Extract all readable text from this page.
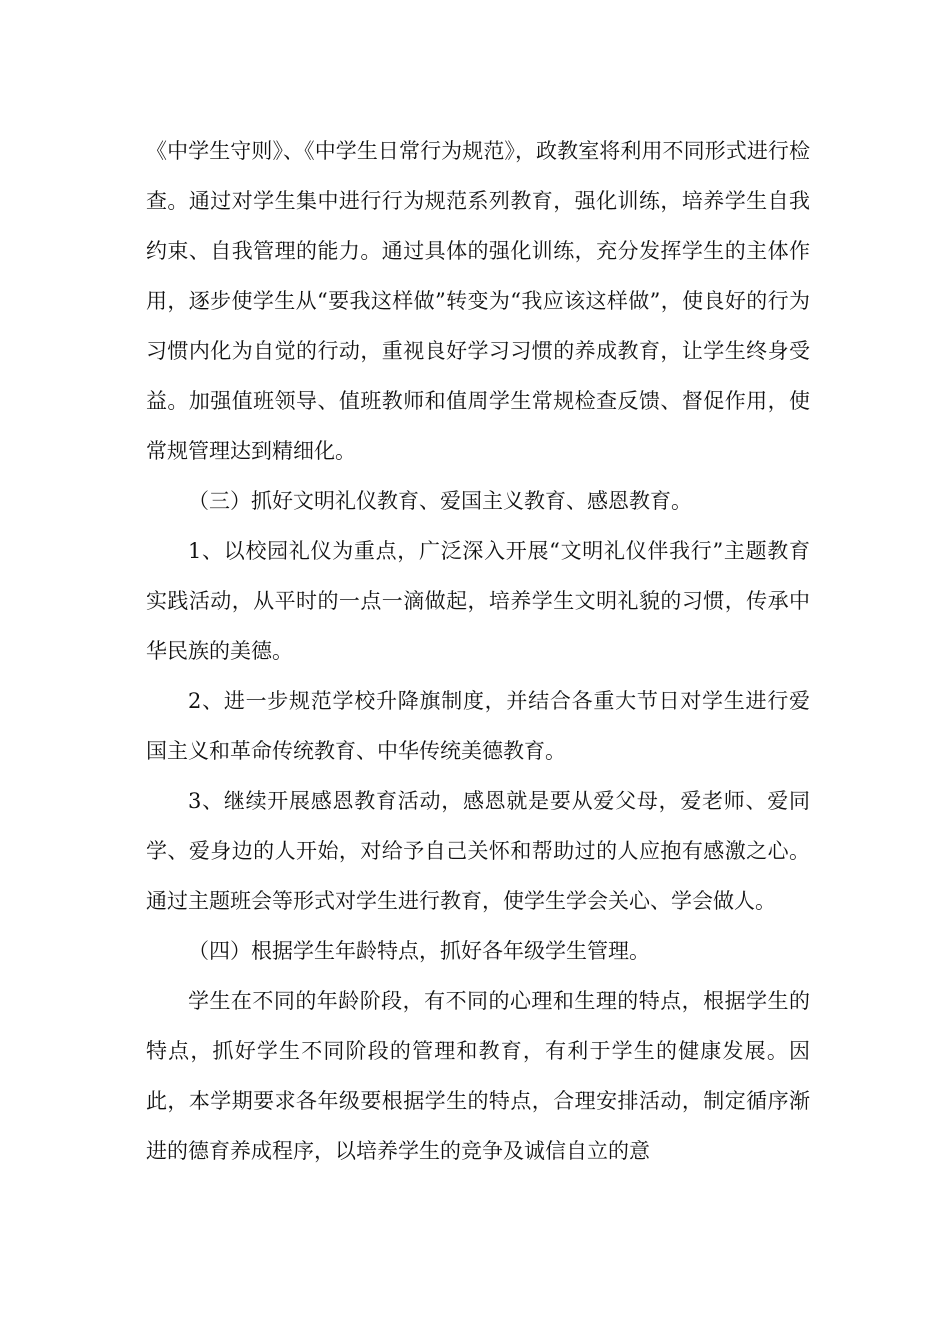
《中学生守则》、《中学生日常行为规范》，政教室将利用不同形式进行检查。通过对学生集中进行行为规范系列教育，强化训练，培养学生自我约束、自我管理的能力。通过具体的强化训练，充分发挥学生的主体作用，逐步使学生从“要我这样做”转变为“我应该这样做”，使良好的行为习惯内化为自觉的行动，重视良好学习习惯的养成教育，让学生终身受益。加强值班领导、值班教师和值周学生常规检查反馈、督促作用，使常规管理达到精细化。

（三）抓好文明礼仪教育、爱国主义教育、感恩教育。

1、以校园礼仪为重点，广泛深入开展“文明礼仪伴我行”主题教育实践活动，从平时的一点一滴做起，培养学生文明礼貌的习惯，传承中华民族的美德。

2、进一步规范学校升降旗制度，并结合各重大节日对学生进行爱国主义和革命传统教育、中华传统美德教育。

3、继续开展感恩教育活动，感恩就是要从爱父母，爱老师、爱同学、爱身边的人开始，对给予自己关怀和帮助过的人应抱有感激之心。通过主题班会等形式对学生进行教育，使学生学会关心、学会做人。

（四）根据学生年龄特点，抓好各年级学生管理。

学生在不同的年龄阶段，有不同的心理和生理的特点，根据学生的特点，抓好学生不同阶段的管理和教育，有利于学生的健康发展。因此，本学期要求各年级要根据学生的特点，合理安排活动，制定循序渐进的德育养成程序，以培养学生的竞争及诚信自立的意
